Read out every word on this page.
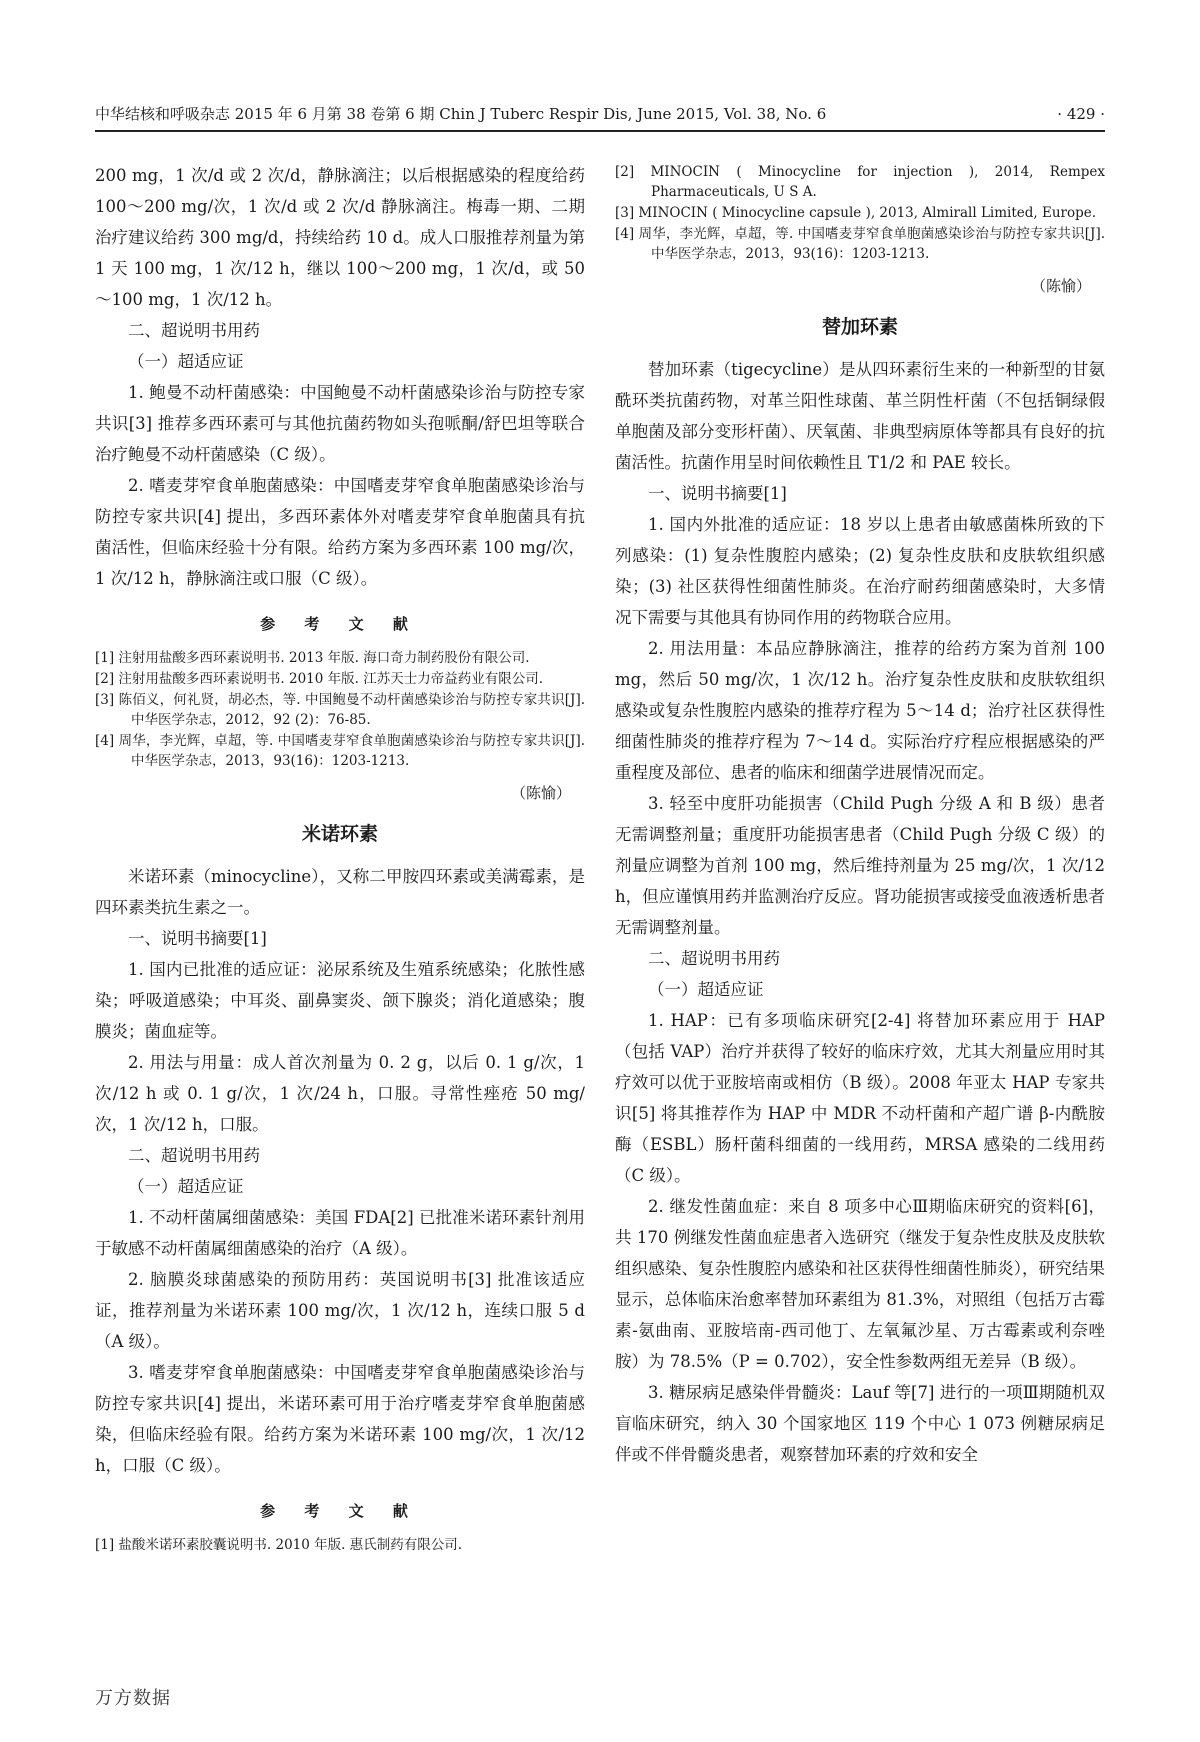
中华结核和呼吸杂志 2015 年 6 月第 38 卷第 6 期 Chin J Tuberc Respir Dis, June 2015, Vol. 38, No. 6	· 429 ·

200 mg，1 次/d 或 2 次/d，静脉滴注；以后根据感染的程度给药 100～200 mg/次，1 次/d 或 2 次/d 静脉滴注。梅毒一期、二期治疗建议给药 300 mg/d，持续给药 10 d。成人口服推荐剂量为第 1 天 100 mg，1 次/12 h，继以 100～200 mg，1 次/d，或 50～100 mg，1 次/12 h。

二、超说明书用药

（一）超适应证

1. 鲍曼不动杆菌感染：中国鲍曼不动杆菌感染诊治与防控专家共识[3] 推荐多西环素可与其他抗菌药物如头孢哌酮/舒巴坦等联合治疗鲍曼不动杆菌感染（C 级）。

2. 嗜麦芽窄食单胞菌感染：中国嗜麦芽窄食单胞菌感染诊治与防控专家共识[4] 提出，多西环素体外对嗜麦芽窄食单胞菌具有抗菌活性，但临床经验十分有限。给药方案为多西环素 100 mg/次，1 次/12 h，静脉滴注或口服（C 级）。

参 考 文 献
[1] 注射用盐酸多西环素说明书. 2013 年版. 海口奇力制药股份有限公司.
[2] 注射用盐酸多西环素说明书. 2010 年版. 江苏天士力帝益药业有限公司.
[3] 陈佰义，何礼贤，胡必杰，等. 中国鲍曼不动杆菌感染诊治与防控专家共识[J]. 中华医学杂志，2012，92 (2)：76-85.
[4] 周华，李光辉，卓超，等. 中国嗜麦芽窄食单胞菌感染诊治与防控专家共识[J]. 中华医学杂志，2013，93(16)：1203-1213.
（陈愉）
米诺环素

米诺环素（minocycline），又称二甲胺四环素或美满霉素，是四环素类抗生素之一。

一、说明书摘要[1]

1. 国内已批准的适应证：泌尿系统及生殖系统感染；化脓性感染；呼吸道感染；中耳炎、副鼻窦炎、颌下腺炎；消化道感染；腹膜炎；菌血症等。

2. 用法与用量：成人首次剂量为 0. 2 g，以后 0. 1 g/次，1 次/12 h 或 0. 1 g/次，1 次/24 h，口服。寻常性痤疮 50 mg/次，1 次/12 h，口服。

二、超说明书用药

（一）超适应证

1. 不动杆菌属细菌感染：美国 FDA[2] 已批准米诺环素针剂用于敏感不动杆菌属细菌感染的治疗（A 级）。

2. 脑膜炎球菌感染的预防用药：英国说明书[3] 批准该适应证，推荐剂量为米诺环素 100 mg/次，1 次/12 h，连续口服 5 d（A 级）。

3. 嗜麦芽窄食单胞菌感染：中国嗜麦芽窄食单胞菌感染诊治与防控专家共识[4] 提出，米诺环素可用于治疗嗜麦芽窄食单胞菌感染，但临床经验有限。给药方案为米诺环素 100 mg/次，1 次/12 h，口服（C 级）。

参 考 文 献
[1] 盐酸米诺环素胶囊说明书. 2010 年版. 惠氏制药有限公司.
[2] MINOCIN ( Minocycline for injection ), 2014, Rempex Pharmaceuticals, U S A.
[3] MINOCIN ( Minocycline capsule ), 2013, Almirall Limited, Europe.
[4] 周华，李光辉，卓超，等. 中国嗜麦芽窄食单胞菌感染诊治与防控专家共识[J]. 中华医学杂志，2013，93(16)：1203-1213.
（陈愉）
替加环素

替加环素（tigecycline）是从四环素衍生来的一种新型的甘氨酰环类抗菌药物，对革兰阳性球菌、革兰阴性杆菌（不包括铜绿假单胞菌及部分变形杆菌）、厌氧菌、非典型病原体等都具有良好的抗菌活性。抗菌作用呈时间依赖性且 T1/2 和 PAE 较长。

一、说明书摘要[1]

1. 国内外批准的适应证：18 岁以上患者由敏感菌株所致的下列感染：(1) 复杂性腹腔内感染；(2) 复杂性皮肤和皮肤软组织感染；(3) 社区获得性细菌性肺炎。在治疗耐药细菌感染时，大多情况下需要与其他具有协同作用的药物联合应用。

2. 用法用量：本品应静脉滴注，推荐的给药方案为首剂 100 mg，然后 50 mg/次，1 次/12 h。治疗复杂性皮肤和皮肤软组织感染或复杂性腹腔内感染的推荐疗程为 5～14 d；治疗社区获得性细菌性肺炎的推荐疗程为 7～14 d。实际治疗疗程应根据感染的严重程度及部位、患者的临床和细菌学进展情况而定。

3. 轻至中度肝功能损害（Child Pugh 分级 A 和 B 级）患者无需调整剂量；重度肝功能损害患者（Child Pugh 分级 C 级）的剂量应调整为首剂 100 mg，然后维持剂量为 25 mg/次，1 次/12 h，但应谨慎用药并监测治疗反应。肾功能损害或接受血液透析患者无需调整剂量。

二、超说明书用药

（一）超适应证

1. HAP：已有多项临床研究[2-4] 将替加环素应用于 HAP（包括 VAP）治疗并获得了较好的临床疗效，尤其大剂量应用时其疗效可以优于亚胺培南或相仿（B 级）。2008 年亚太 HAP 专家共识[5] 将其推荐作为 HAP 中 MDR 不动杆菌和产超广谱 β-内酰胺酶（ESBL）肠杆菌科细菌的一线用药，MRSA 感染的二线用药（C 级）。

2. 继发性菌血症：来自 8 项多中心Ⅲ期临床研究的资料[6]，共 170 例继发性菌血症患者入选研究（继发于复杂性皮肤及皮肤软组织感染、复杂性腹腔内感染和社区获得性细菌性肺炎），研究结果显示，总体临床治愈率替加环素组为 81.3%，对照组（包括万古霉素-氨曲南、亚胺培南-西司他丁、左氧氟沙星、万古霉素或利奈唑胺）为 78.5%（P = 0.702），安全性参数两组无差异（B 级）。

3. 糖尿病足感染伴骨髓炎：Lauf 等[7] 进行的一项Ⅲ期随机双盲临床研究，纳入 30 个国家地区 119 个中心 1 073 例糖尿病足伴或不伴骨髓炎患者，观察替加环素的疗效和安全

万方数据
